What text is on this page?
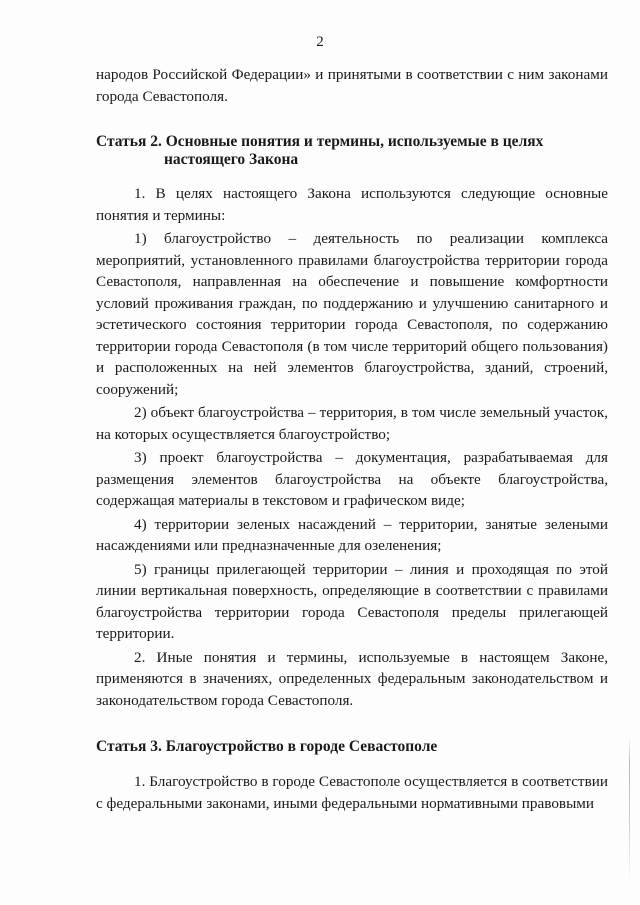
2

народов Российской Федерации» и принятыми в соответствии с ним законами города Севастополя.

Статья 2. Основные понятия и термины, используемые в целях
настоящего Закона

1. В целях настоящего Закона используются следующие основные понятия и термины:

1) благоустройство – деятельность по реализации комплекса мероприятий, установленного правилами благоустройства территории города Севастополя, направленная на обеспечение и повышение комфортности условий проживания граждан, по поддержанию и улучшению санитарного и эстетического состояния территории города Севастополя, по содержанию территории города Севастополя (в том числе территорий общего пользования) и расположенных на ней элементов благоустройства, зданий, строений, сооружений;

2) объект благоустройства – территория, в том числе земельный участок, на которых осуществляется благоустройство;

3) проект благоустройства – документация, разрабатываемая для размещения элементов благоустройства на объекте благоустройства, содержащая материалы в текстовом и графическом виде;

4) территории зеленых насаждений – территории, занятые зелеными насаждениями или предназначенные для озеленения;

5) границы прилегающей территории – линия и проходящая по этой линии вертикальная поверхность, определяющие в соответствии с правилами благоустройства территории города Севастополя пределы прилегающей территории.

2. Иные понятия и термины, используемые в настоящем Законе, применяются в значениях, определенных федеральным законодательством и законодательством города Севастополя.

Статья 3. Благоустройство в городе Севастополе

1. Благоустройство в городе Севастополе осуществляется в соответствии с федеральными законами, иными федеральными нормативными правовыми
